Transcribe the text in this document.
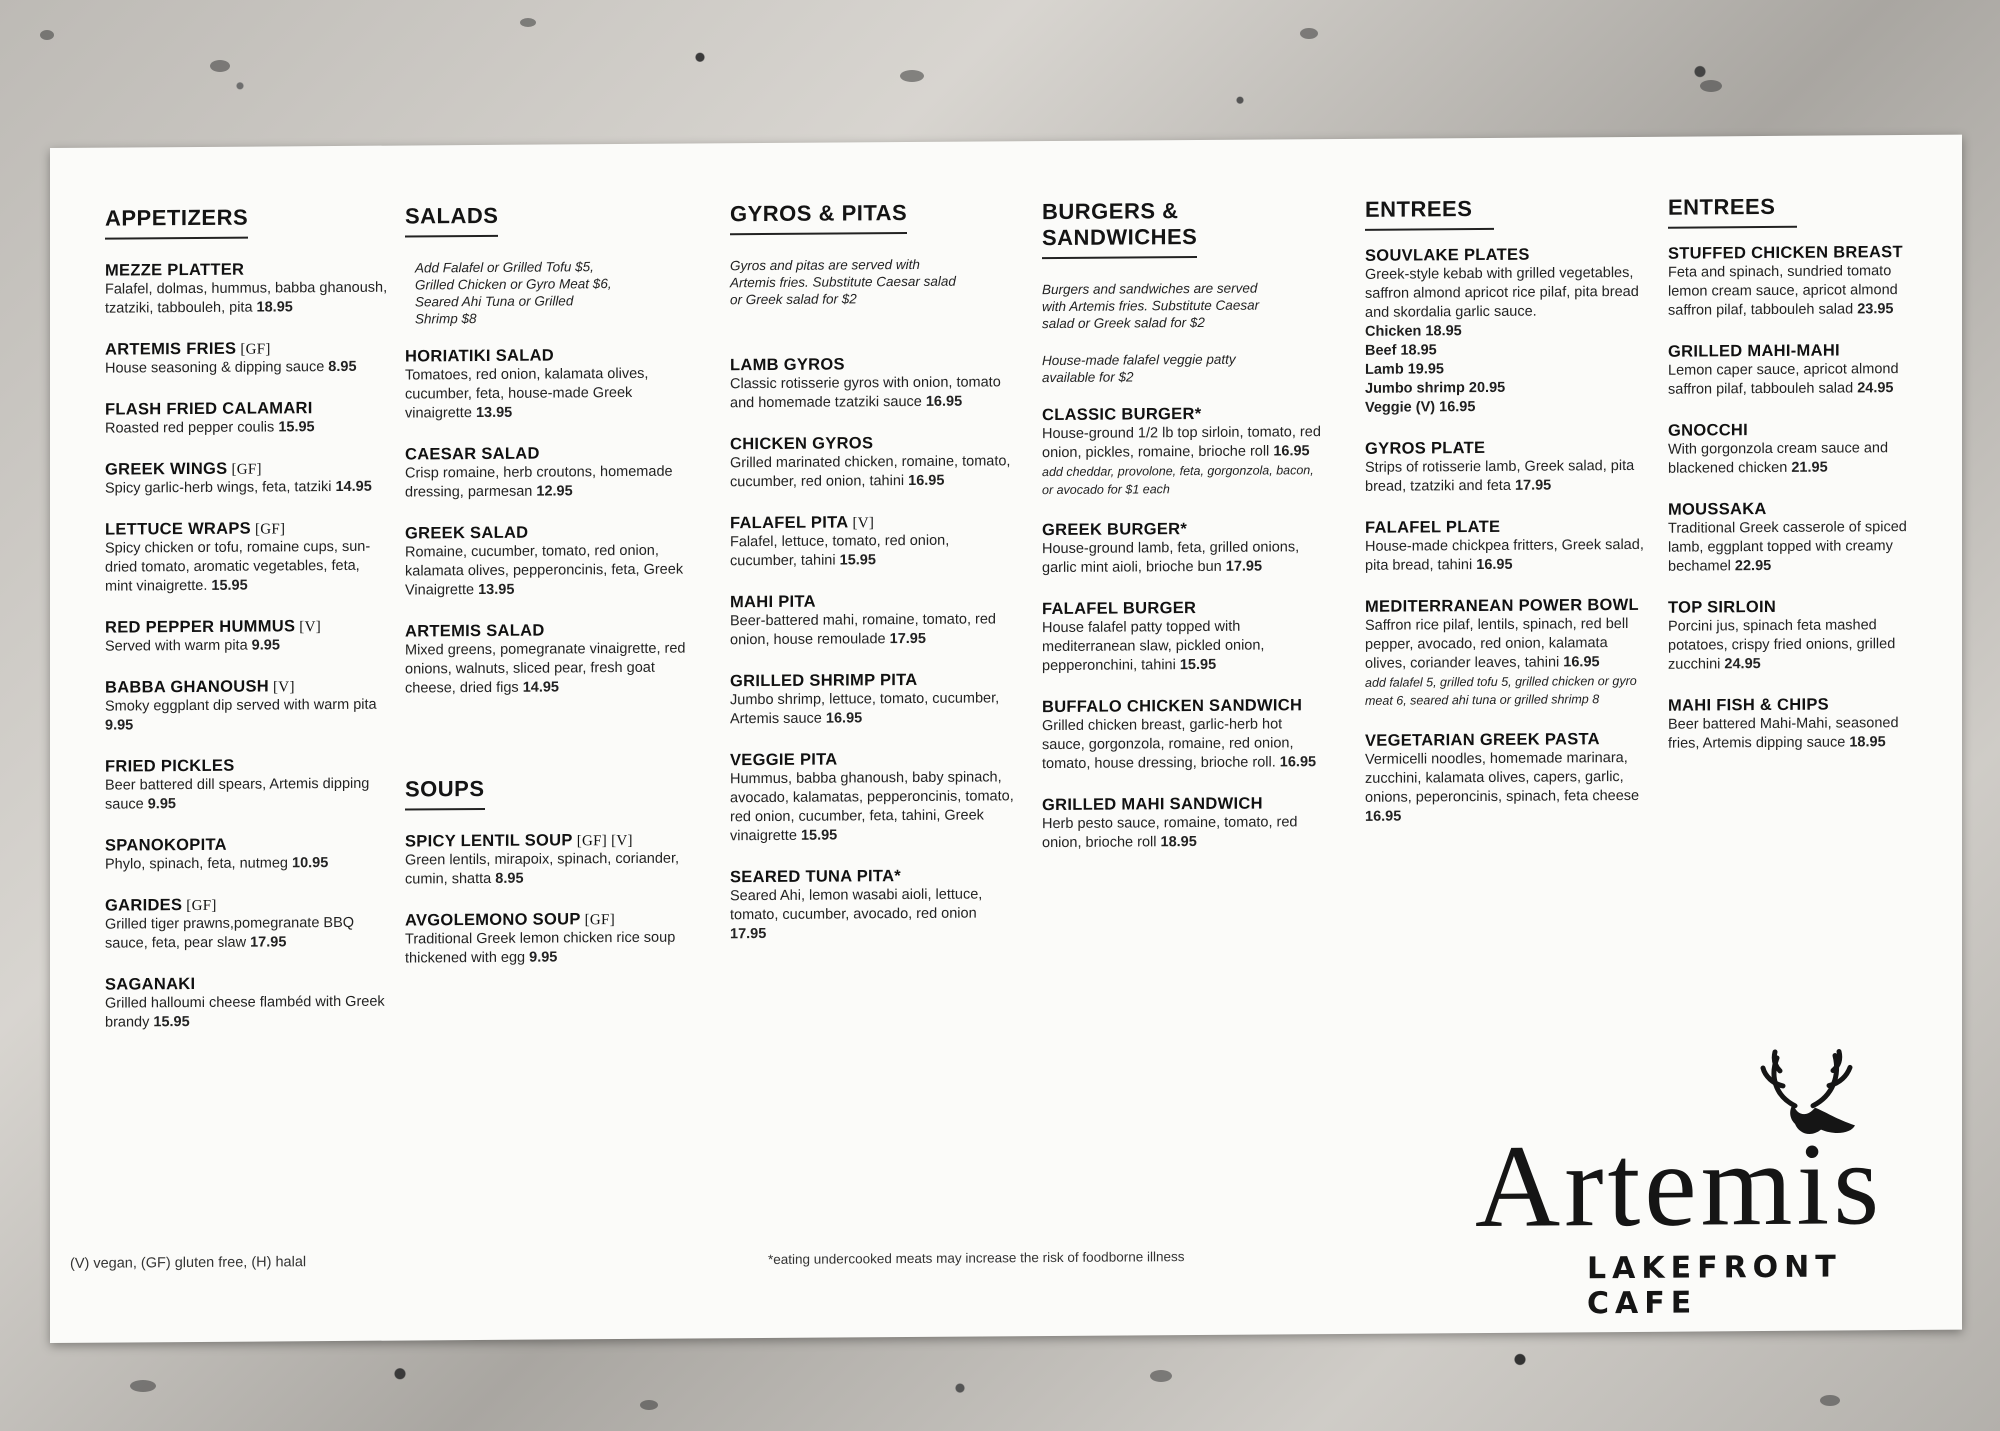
APPETIZERS
MEZZE PLATTER
Falafel, dolmas, hummus, babba ghanoush, tzatziki, tabbouleh, pita 18.95
ARTEMIS FRIES [GF]
House seasoning & dipping sauce 8.95
FLASH FRIED CALAMARI
Roasted red pepper coulis 15.95
GREEK WINGS [GF]
Spicy garlic-herb wings, feta, tatziki 14.95
LETTUCE WRAPS [GF]
Spicy chicken or tofu, romaine cups, sun-dried tomato, aromatic vegetables, feta, mint vinaigrette. 15.95
RED PEPPER HUMMUS [V]
Served with warm pita 9.95
BABBA GHANOUSH [V]
Smoky eggplant dip served with warm pita 9.95
FRIED PICKLES
Beer battered dill spears, Artemis dipping sauce 9.95
SPANOKOPITA
Phylo, spinach, feta, nutmeg 10.95
GARIDES [GF]
Grilled tiger prawns,pomegranate BBQ sauce, feta, pear slaw 17.95
SAGANAKI
Grilled halloumi cheese flambéd with Greek brandy 15.95
SALADS
Add Falafel or Grilled Tofu $5, Grilled Chicken or Gyro Meat $6, Seared Ahi Tuna or Grilled Shrimp $8
HORIATIKI SALAD
Tomatoes, red onion, kalamata olives, cucumber, feta, house-made Greek vinaigrette 13.95
CAESAR SALAD
Crisp romaine, herb croutons, homemade dressing, parmesan 12.95
GREEK SALAD
Romaine, cucumber, tomato, red onion, kalamata olives, pepperoncinis, feta, Greek Vinaigrette 13.95
ARTEMIS SALAD
Mixed greens, pomegranate vinaigrette, red onions, walnuts, sliced pear, fresh goat cheese, dried figs 14.95
SOUPS
SPICY LENTIL SOUP [GF] [V]
Green lentils, mirapoix, spinach, coriander, cumin, shatta 8.95
AVGOLEMONO SOUP [GF]
Traditional Greek lemon chicken rice soup thickened with egg 9.95
GYROS & PITAS
Gyros and pitas are served with Artemis fries. Substitute Caesar salad or Greek salad for $2
LAMB GYROS
Classic rotisserie gyros with onion, tomato and homemade tzatziki sauce 16.95
CHICKEN GYROS
Grilled marinated chicken, romaine, tomato, cucumber, red onion, tahini 16.95
FALAFEL PITA [V]
Falafel, lettuce, tomato, red onion, cucumber, tahini 15.95
MAHI PITA
Beer-battered mahi, romaine, tomato, red onion, house remoulade 17.95
GRILLED SHRIMP PITA
Jumbo shrimp, lettuce, tomato, cucumber, Artemis sauce 16.95
VEGGIE PITA
Hummus, babba ghanoush, baby spinach, avocado, kalamatas, pepperoncinis, tomato, red onion, cucumber, feta, tahini, Greek vinaigrette 15.95
SEARED TUNA PITA*
Seared Ahi, lemon wasabi aioli, lettuce, tomato, cucumber, avocado, red onion 17.95
BURGERS &
SANDWICHES
Burgers and sandwiches are served with Artemis fries. Substitute Caesar salad or Greek salad for $2
House-made falafel veggie patty available for $2
CLASSIC BURGER*
House-ground 1/2 lb top sirloin, tomato, red onion, pickles, romaine, brioche roll 16.95
add cheddar, provolone, feta, gorgonzola, bacon, or avocado for $1 each
GREEK BURGER*
House-ground lamb, feta, grilled onions, garlic mint aioli, brioche bun 17.95
FALAFEL BURGER
House falafel patty topped with mediterranean slaw, pickled onion, pepperonchini, tahini 15.95
BUFFALO CHICKEN SANDWICH
Grilled chicken breast, garlic-herb hot sauce, gorgonzola, romaine, red onion, tomato, house dressing, brioche roll. 16.95
GRILLED MAHI SANDWICH
Herb pesto sauce, romaine, tomato, red onion, brioche roll 18.95
ENTREES
SOUVLAKE PLATES
Greek-style kebab with grilled vegetables, saffron almond apricot rice pilaf, pita bread and skordalia garlic sauce.
Chicken 18.95
Beef 18.95
Lamb 19.95
Jumbo shrimp 20.95
Veggie (V) 16.95
GYROS PLATE
Strips of rotisserie lamb, Greek salad, pita bread, tzatziki and feta 17.95
FALAFEL PLATE
House-made chickpea fritters, Greek salad, pita bread, tahini 16.95
MEDITERRANEAN POWER BOWL
Saffron rice pilaf, lentils, spinach, red bell pepper, avocado, red onion, kalamata olives, coriander leaves, tahini 16.95
add falafel 5, grilled tofu 5, grilled chicken or gyro meat 6, seared ahi tuna or grilled shrimp 8
VEGETARIAN GREEK PASTA
Vermicelli noodles, homemade marinara, zucchini, kalamata olives, capers, garlic, onions, peperoncinis, spinach, feta cheese 16.95
ENTREES
STUFFED CHICKEN BREAST
Feta and spinach, sundried tomato lemon cream sauce, apricot almond saffron pilaf, tabbouleh salad 23.95
GRILLED MAHI-MAHI
Lemon caper sauce, apricot almond saffron pilaf, tabbouleh salad 24.95
GNOCCHI
With gorgonzola cream sauce and blackened chicken 21.95
MOUSSAKA
Traditional Greek casserole of spiced lamb, eggplant topped with creamy bechamel 22.95
TOP SIRLOIN
Porcini jus, spinach feta mashed potatoes, crispy fried onions, grilled zucchini 24.95
MAHI FISH & CHIPS
Beer battered Mahi-Mahi, seasoned fries, Artemis dipping sauce 18.95
(V) vegan, (GF) gluten free, (H) halal	*eating undercooked meats may increase the risk of foodborne illness
Artemis
LAKEFRONT CAFE
